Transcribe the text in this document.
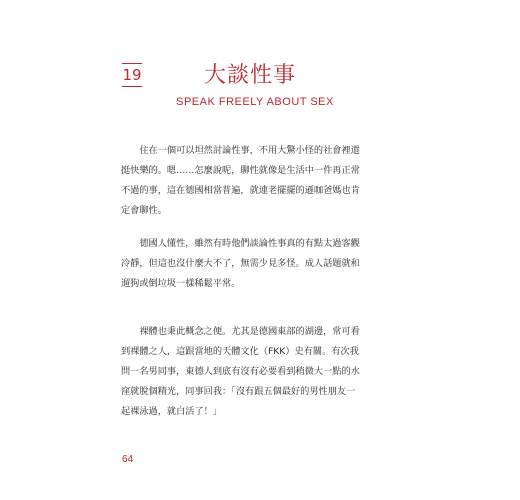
19	大談性事
SPEAK FREELY ABOUT SEX
　　住在一個可以坦然討論性事，不用大驚小怪的社會裡還
挺快樂的。嗯……怎麼說呢，聊性就像是生活中一件再正常
不過的事，這在德國相當普遍，就連老擺擺的遜咖爸媽也肯
定會聊性。
　　德國人懂性，雖然有時他們談論性事真的有點太過客觀
冷靜，但這也沒什麼大不了，無需少見多怪。成人話題就和
遛狗或倒垃圾一樣稀鬆平常。
　　裸體也秉此概念之便。尤其是德國東部的湖邊，常可看
到裸體之人，這跟當地的天體文化（FKK）史有關。有次我
問一名男同事，東德人到底有沒有必要看到稍微大一點的水
窪就脫個精光，同事回我：「沒有跟五個最好的男性朋友一
起裸泳過，就白活了！」
64
